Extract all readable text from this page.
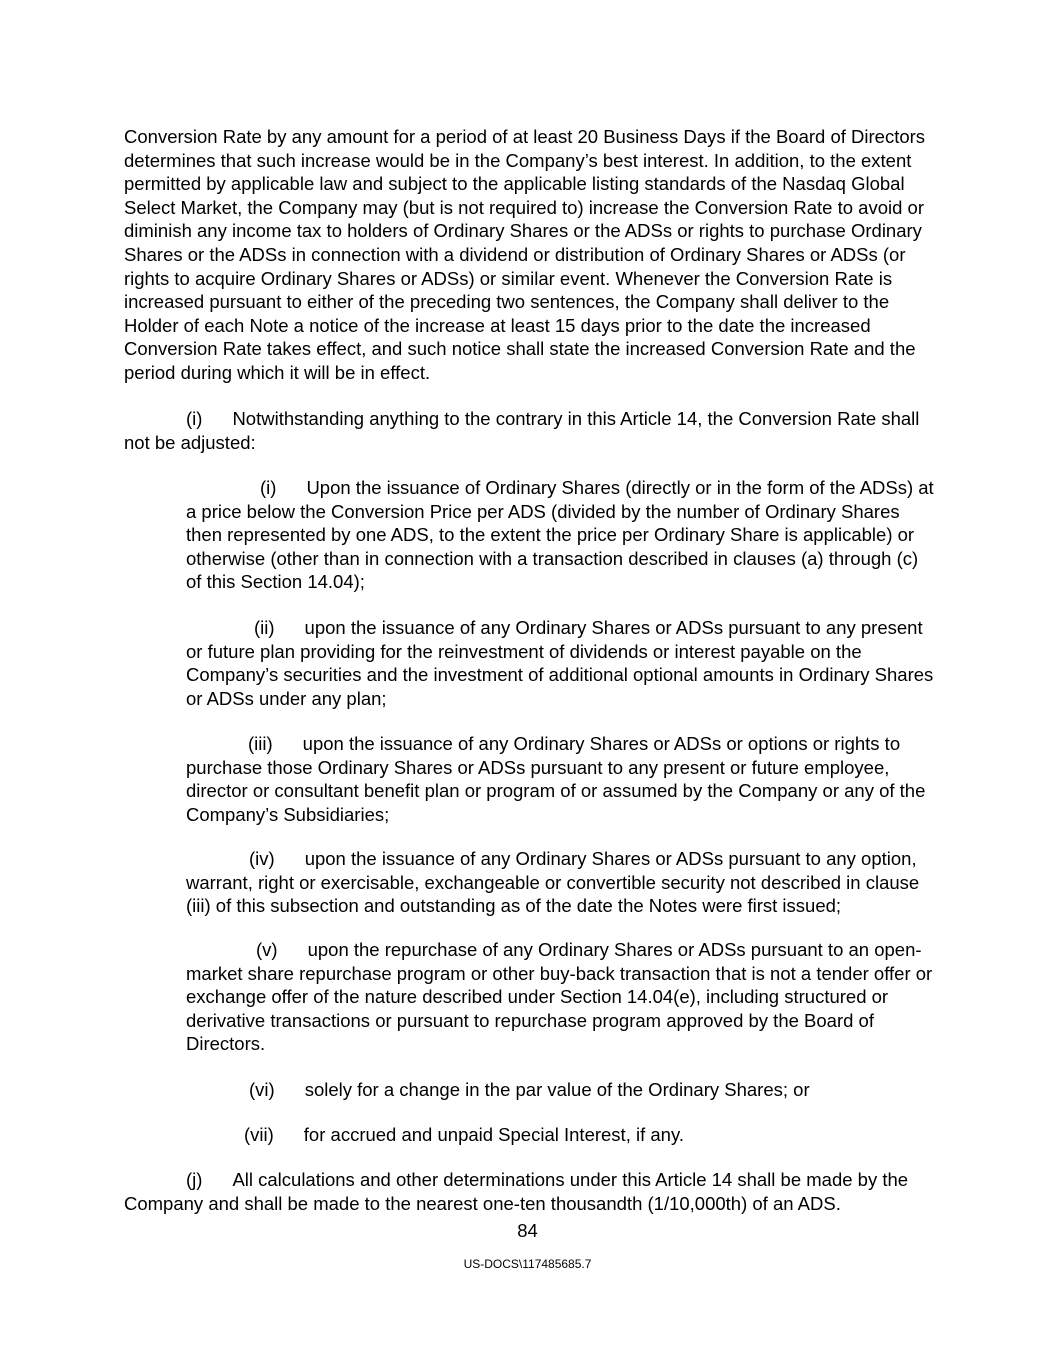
Conversion Rate by any amount for a period of at least 20 Business Days if the Board of Directors determines that such increase would be in the Company’s best interest. In addition, to the extent permitted by applicable law and subject to the applicable listing standards of the Nasdaq Global Select Market, the Company may (but is not required to) increase the Conversion Rate to avoid or diminish any income tax to holders of Ordinary Shares or the ADSs or rights to purchase Ordinary Shares or the ADSs in connection with a dividend or distribution of Ordinary Shares or ADSs (or rights to acquire Ordinary Shares or ADSs) or similar event. Whenever the Conversion Rate is increased pursuant to either of the preceding two sentences, the Company shall deliver to the Holder of each Note a notice of the increase at least 15 days prior to the date the increased Conversion Rate takes effect, and such notice shall state the increased Conversion Rate and the period during which it will be in effect.

(i) Notwithstanding anything to the contrary in this Article 14, the Conversion Rate shall not be adjusted:

(i) Upon the issuance of Ordinary Shares (directly or in the form of the ADSs) at a price below the Conversion Price per ADS (divided by the number of Ordinary Shares then represented by one ADS, to the extent the price per Ordinary Share is applicable) or otherwise (other than in connection with a transaction described in clauses (a) through (c) of this Section 14.04);

(ii) upon the issuance of any Ordinary Shares or ADSs pursuant to any present or future plan providing for the reinvestment of dividends or interest payable on the Company’s securities and the investment of additional optional amounts in Ordinary Shares or ADSs under any plan;

(iii) upon the issuance of any Ordinary Shares or ADSs or options or rights to purchase those Ordinary Shares or ADSs pursuant to any present or future employee, director or consultant benefit plan or program of or assumed by the Company or any of the Company’s Subsidiaries;

(iv) upon the issuance of any Ordinary Shares or ADSs pursuant to any option, warrant, right or exercisable, exchangeable or convertible security not described in clause (iii) of this subsection and outstanding as of the date the Notes were first issued;

(v) upon the repurchase of any Ordinary Shares or ADSs pursuant to an open-market share repurchase program or other buy-back transaction that is not a tender offer or exchange offer of the nature described under Section 14.04(e), including structured or derivative transactions or pursuant to repurchase program approved by the Board of Directors.

(vi) solely for a change in the par value of the Ordinary Shares; or

(vii) for accrued and unpaid Special Interest, if any.

(j) All calculations and other determinations under this Article 14 shall be made by the Company and shall be made to the nearest one-ten thousandth (1/10,000th) of an ADS.

84
US-DOCS\117485685.7
